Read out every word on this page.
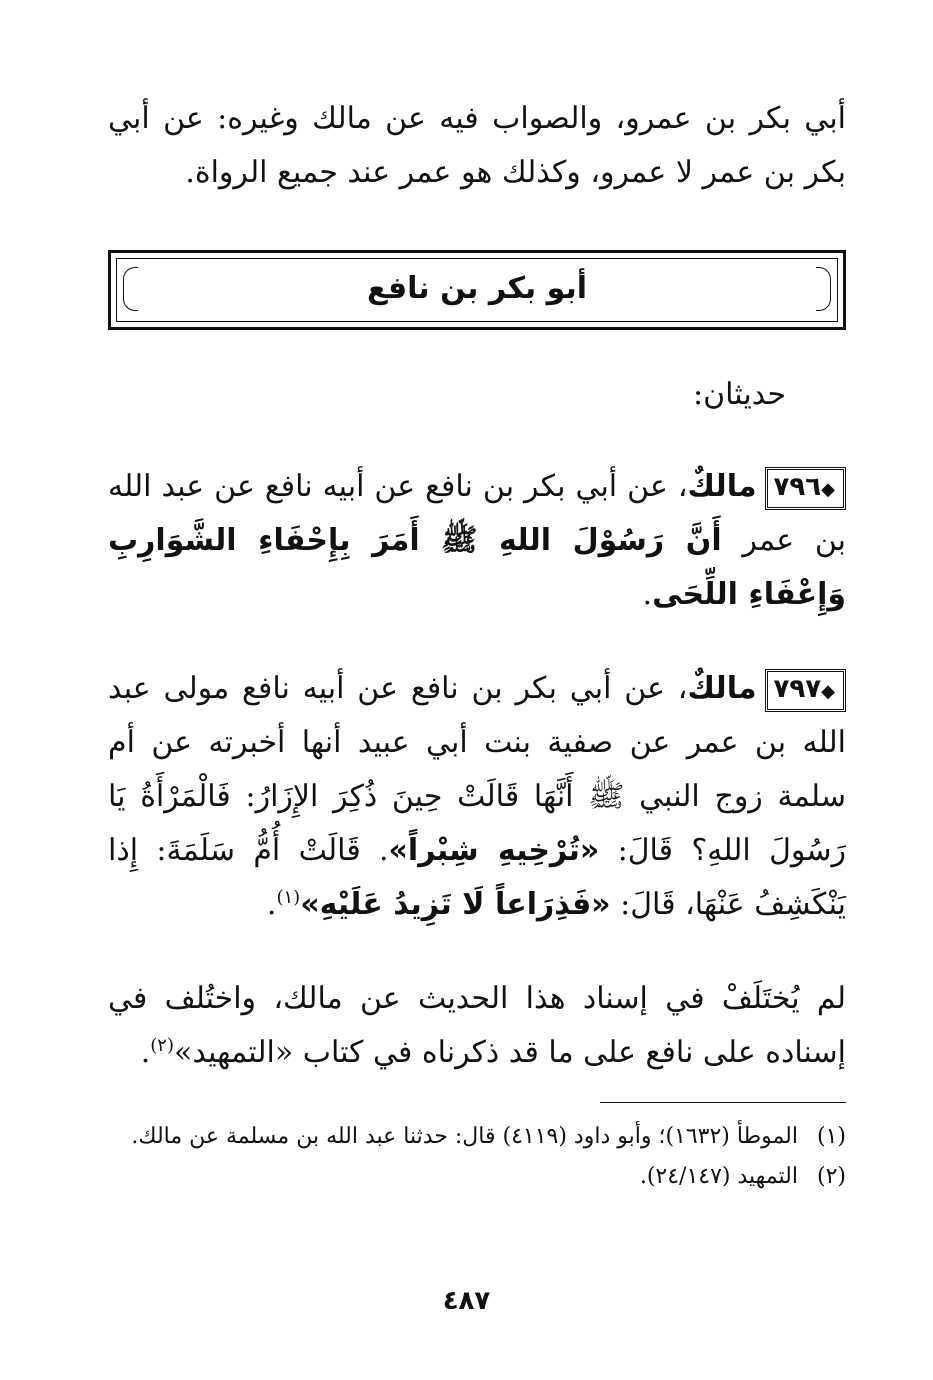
أبي بكر بن عمرو، والصواب فيه عن مالك وغيره: عن أبي بكر بن عمر لا عمرو، وكذلك هو عمر عند جميع الرواة.

أبو بكر بن نافع

حديثان:

◆٧٩٦مالكٌ، عن أبي بكر بن نافع عن أبيه نافع عن عبد الله بن عمر أَنَّ رَسُوْلَ اللهِ ﷺ أَمَرَ بِإِحْفَاءِ الشَّوَارِبِ وَإِعْفَاءِ اللِّحَى.

◆٧٩٧مالكٌ، عن أبي بكر بن نافع عن أبيه نافع مولى عبد الله بن عمر عن صفية بنت أبي عبيد أنها أخبرته عن أم سلمة زوج النبي ﷺ أَنَّهَا قَالَتْ حِينَ ذُكِرَ الإِزَارُ: فَالْمَرْأَةُ يَا رَسُولَ اللهِ؟ قَالَ: «تُرْخِيهِ شِبْراً». قَالَتْ أُمُّ سَلَمَةَ: إِذا يَنْكَشِفُ عَنْهَا، قَالَ: «فَذِرَاعاً لَا تَزِيدُ عَلَيْهِ»$^{(١)}$.

لم يُختَلَفْ في إسناد هذا الحديث عن مالك، واختُلف في إسناده على نافع على ما قد ذكرناه في كتاب «التمهيد»$^{(٢)}$.

(١)
الموطأ (١٦٣٢)؛ وأبو داود (٤١١٩) قال: حدثنا عبد الله بن مسلمة عن مالك.
(٢)
التمهيد (٢٤/١٤٧).
٤٨٧
